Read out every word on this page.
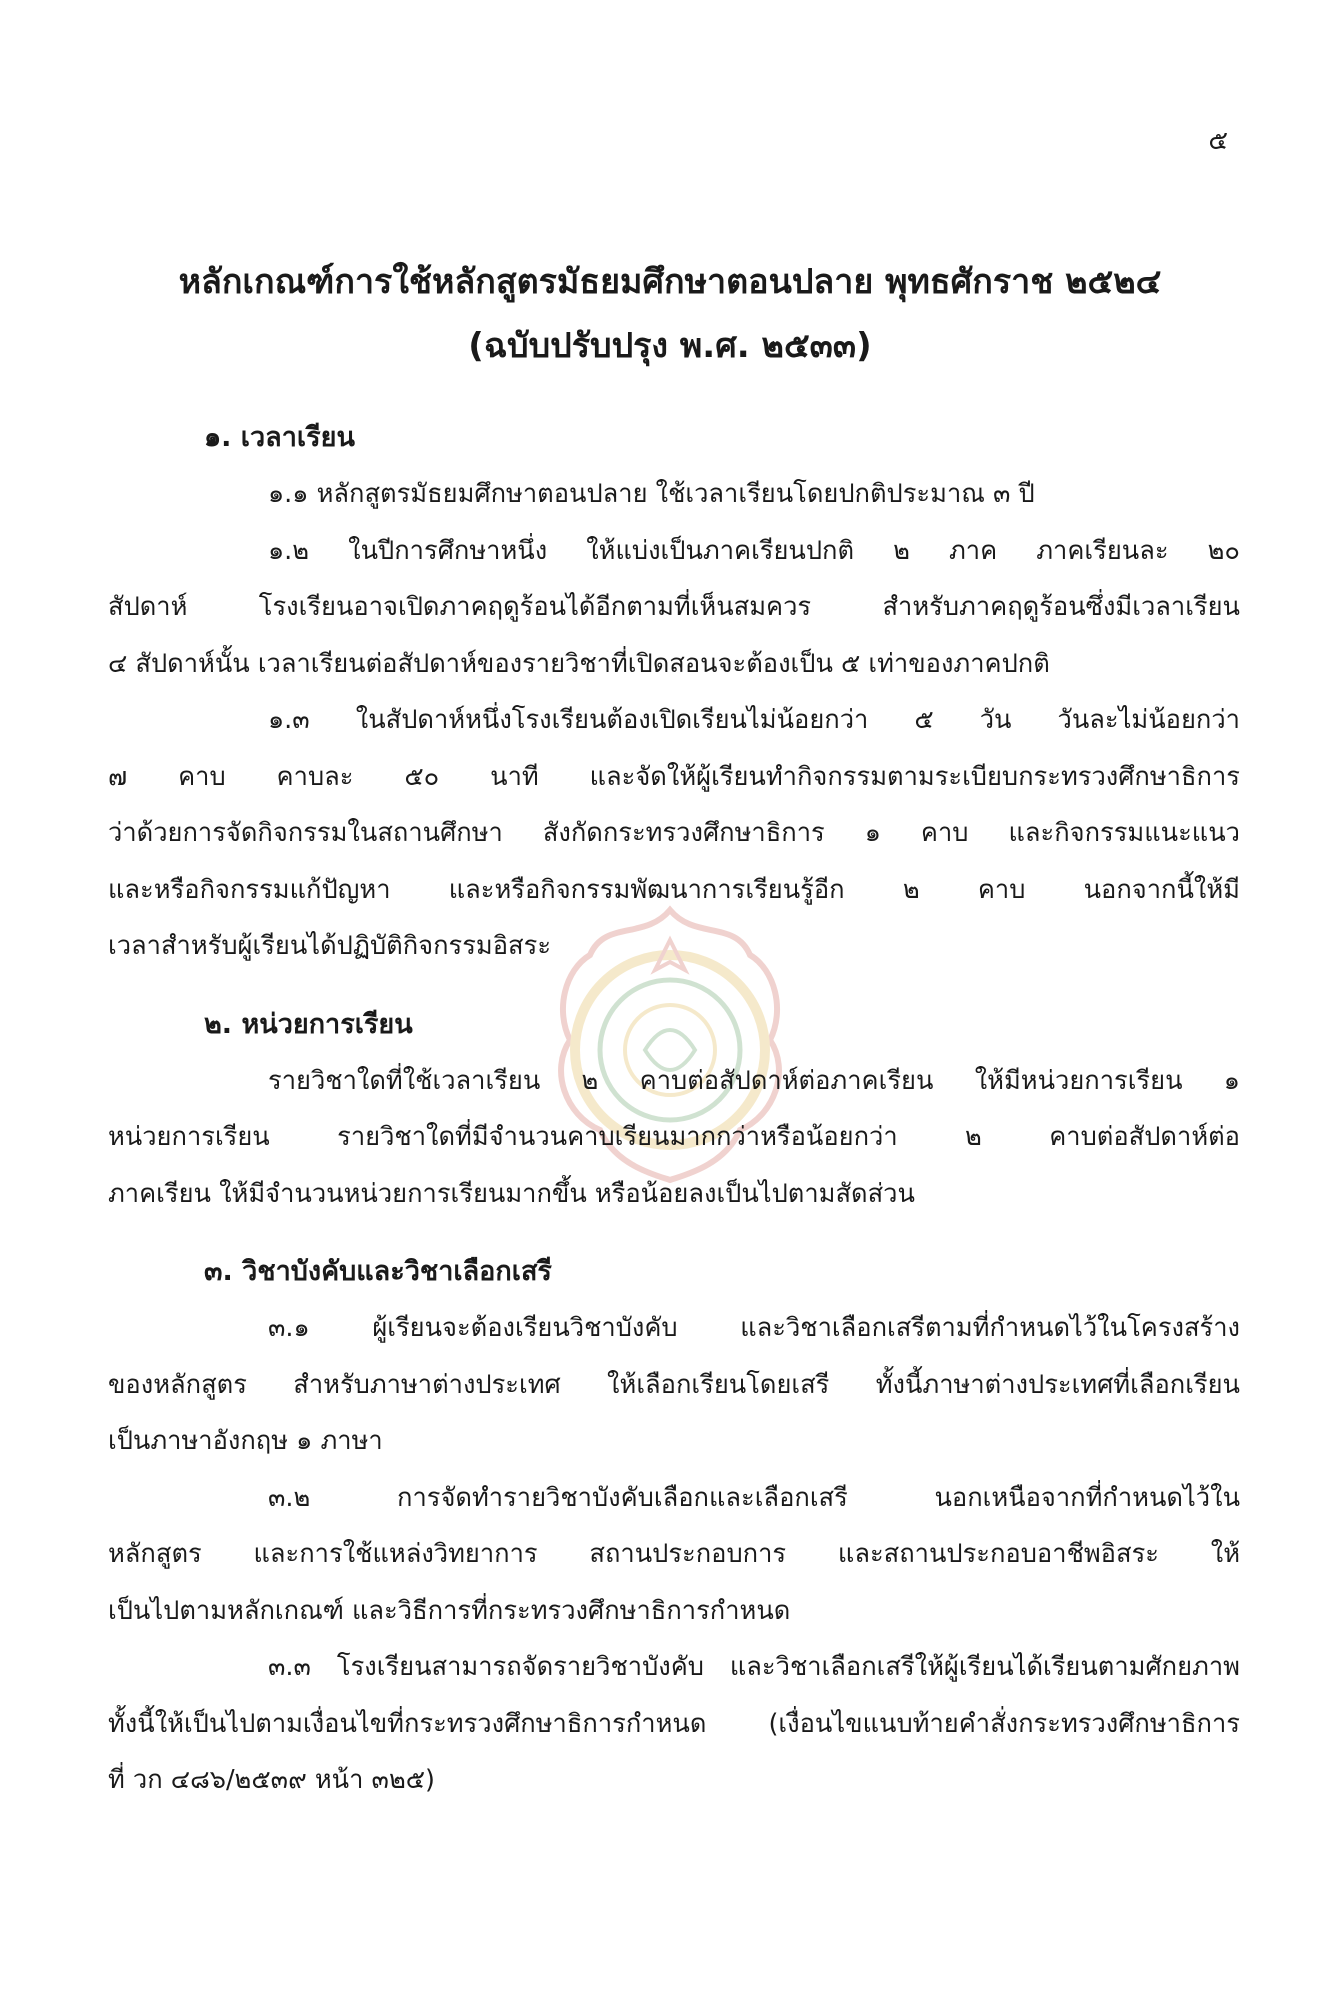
๕
หลักเกณฑ์การใช้หลักสูตรมัธยมศึกษาตอนปลาย พุทธศักราช ๒๕๒๔
(ฉบับปรับปรุง พ.ศ. ๒๕๓๓)
๑. เวลาเรียน
๑.๑ หลักสูตรมัธยมศึกษาตอนปลาย ใช้เวลาเรียนโดยปกติประมาณ ๓ ปี
๑.๒ ในปีการศึกษาหนึ่ง ให้แบ่งเป็นภาคเรียนปกติ ๒ ภาค ภาคเรียนละ ๒๐
สัปดาห์ โรงเรียนอาจเปิดภาคฤดูร้อนได้อีกตามที่เห็นสมควร สำหรับภาคฤดูร้อนซึ่งมีเวลาเรียน
๔ สัปดาห์นั้น เวลาเรียนต่อสัปดาห์ของรายวิชาที่เปิดสอนจะต้องเป็น ๕ เท่าของภาคปกติ
๑.๓ ในสัปดาห์หนึ่งโรงเรียนต้องเปิดเรียนไม่น้อยกว่า ๕ วัน วันละไม่น้อยกว่า
๗ คาบ คาบละ ๕๐ นาที และจัดให้ผู้เรียนทำกิจกรรมตามระเบียบกระทรวงศึกษาธิการ
ว่าด้วยการจัดกิจกรรมในสถานศึกษา สังกัดกระทรวงศึกษาธิการ ๑ คาบ และกิจกรรมแนะแนว
และหรือกิจกรรมแก้ปัญหา และหรือกิจกรรมพัฒนาการเรียนรู้อีก ๒ คาบ นอกจากนี้ให้มี
เวลาสำหรับผู้เรียนได้ปฏิบัติกิจกรรมอิสระ
๒. หน่วยการเรียน
รายวิชาใดที่ใช้เวลาเรียน ๒ คาบต่อสัปดาห์ต่อภาคเรียน ให้มีหน่วยการเรียน ๑
หน่วยการเรียน รายวิชาใดที่มีจำนวนคาบเรียนมากกว่าหรือน้อยกว่า ๒ คาบต่อสัปดาห์ต่อ
ภาคเรียน ให้มีจำนวนหน่วยการเรียนมากขึ้น หรือน้อยลงเป็นไปตามสัดส่วน
๓. วิชาบังคับและวิชาเลือกเสรี
๓.๑ ผู้เรียนจะต้องเรียนวิชาบังคับ และวิชาเลือกเสรีตามที่กำหนดไว้ในโครงสร้าง
ของหลักสูตร สำหรับภาษาต่างประเทศ ให้เลือกเรียนโดยเสรี ทั้งนี้ภาษาต่างประเทศที่เลือกเรียน
เป็นภาษาอังกฤษ ๑ ภาษา
๓.๒ การจัดทำรายวิชาบังคับเลือกและเลือกเสรี นอกเหนือจากที่กำหนดไว้ใน
หลักสูตร และการใช้แหล่งวิทยาการ สถานประกอบการ และสถานประกอบอาชีพอิสระ ให้
เป็นไปตามหลักเกณฑ์ และวิธีการที่กระทรวงศึกษาธิการกำหนด
๓.๓ โรงเรียนสามารถจัดรายวิชาบังคับ และวิชาเลือกเสรีให้ผู้เรียนได้เรียนตามศักยภาพ
ทั้งนี้ให้เป็นไปตามเงื่อนไขที่กระทรวงศึกษาธิการกำหนด (เงื่อนไขแนบท้ายคำสั่งกระทรวงศึกษาธิการ
ที่ วก ๔๘๖/๒๕๓๙ หน้า ๓๒๕)
